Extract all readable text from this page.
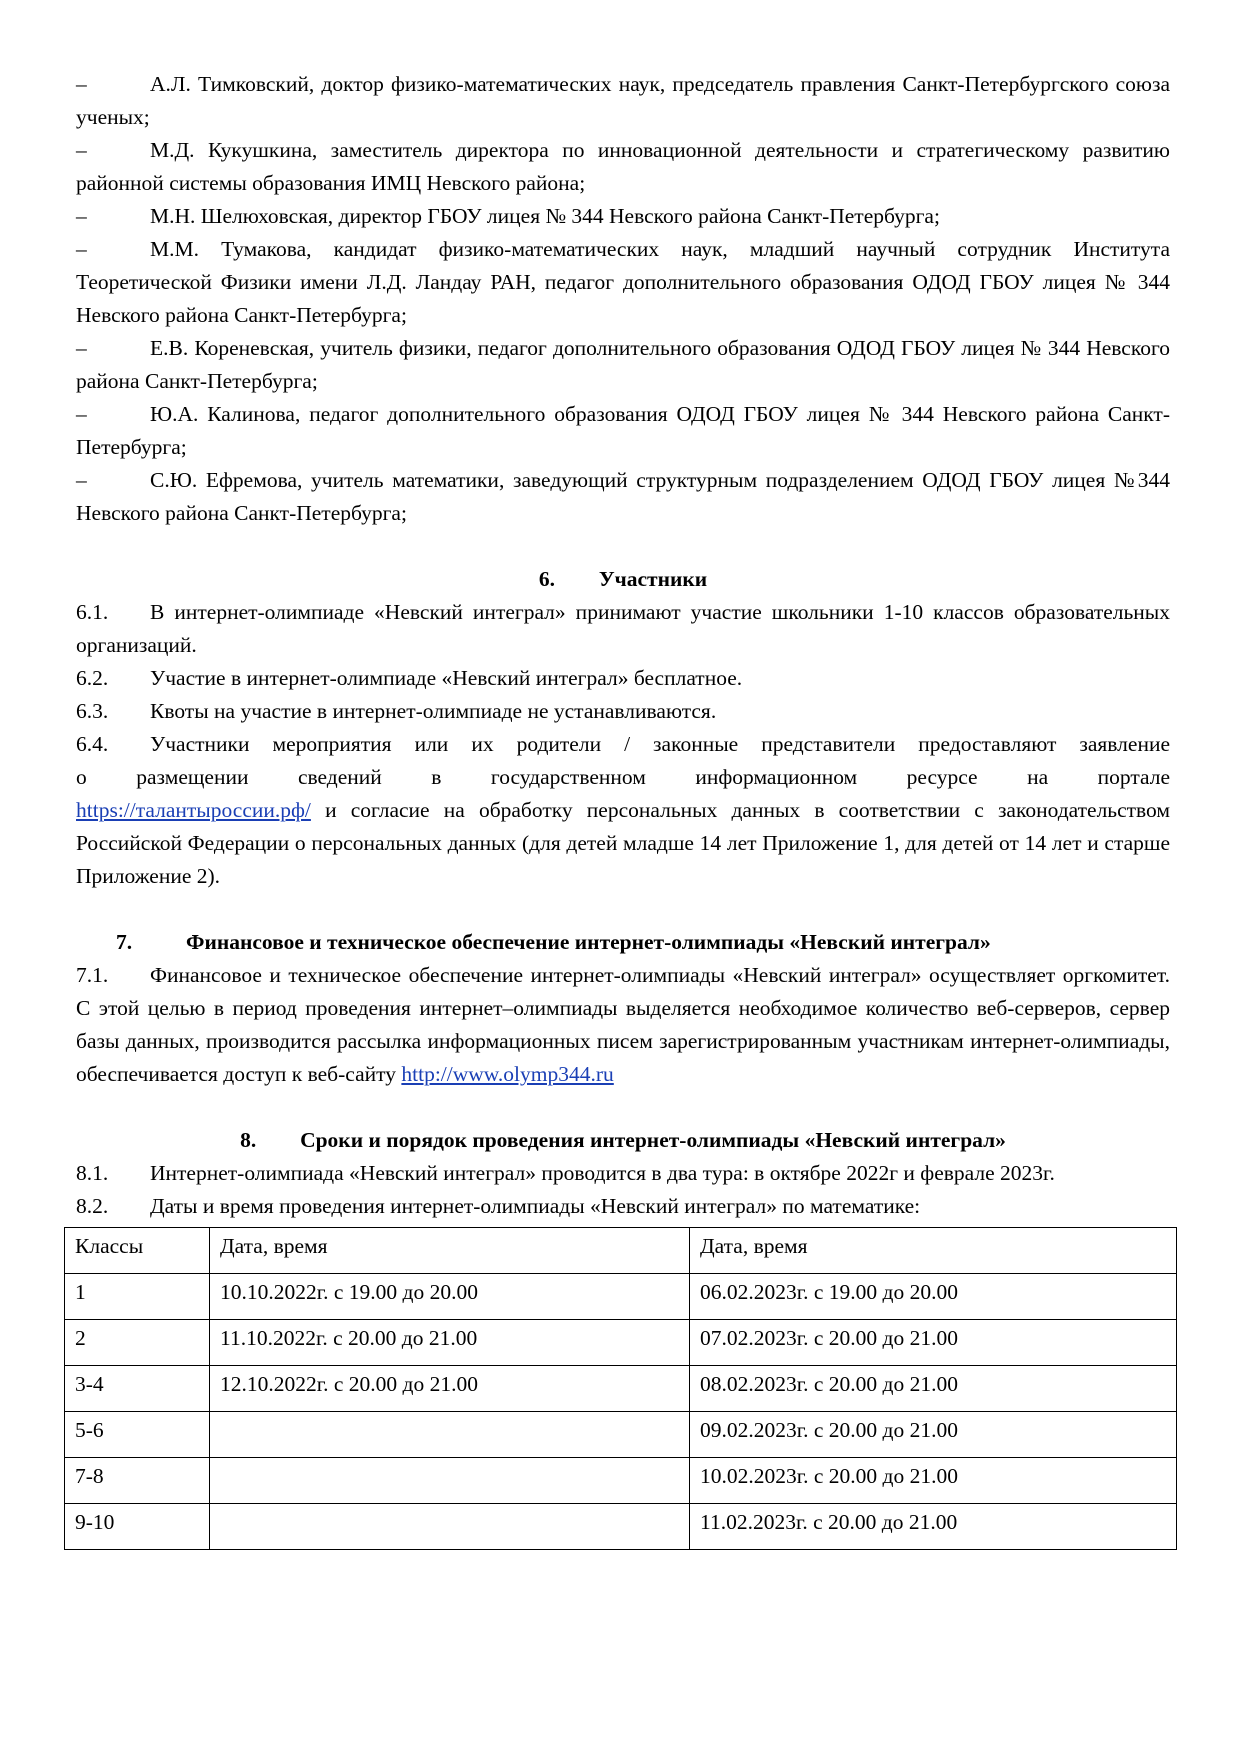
–	А.Л. Тимковский, доктор физико-математических наук, председатель правления Санкт-Петербургского союза ученых;
–	М.Д. Кукушкина, заместитель директора по инновационной деятельности и стратегическому развитию районной системы образования ИМЦ Невского района;
–	М.Н. Шелюховская, директор ГБОУ лицея № 344 Невского района Санкт-Петербурга;
–	М.М. Тумакова, кандидат физико-математических наук, младший научный сотрудник Института Теоретической Физики имени Л.Д. Ландау РАН, педагог дополнительного образования ОДОД ГБОУ лицея № 344 Невского района Санкт-Петербурга;
–	Е.В. Кореневская, учитель физики, педагог дополнительного образования ОДОД ГБОУ лицея № 344 Невского района Санкт-Петербурга;
–	Ю.А. Калинова, педагог дополнительного образования ОДОД ГБОУ лицея № 344 Невского района Санкт-Петербурга;
–	С.Ю. Ефремова, учитель математики, заведующий структурным подразделением ОДОД ГБОУ лицея №344 Невского района Санкт-Петербурга;
6. Участники
6.1. В интернет-олимпиаде «Невский интеграл» принимают участие школьники 1-10 классов образовательных организаций.
6.2. Участие в интернет-олимпиаде «Невский интеграл» бесплатное.
6.3. Квоты на участие в интернет-олимпиаде не устанавливаются.
6.4. Участники мероприятия или их родители / законные представители предоставляют заявление
о размещении сведений в государственном информационном ресурсе на портале
https://талантыроссии.рф/ и согласие на обработку персональных данных в соответствии с законодательством Российской Федерации о персональных данных (для детей младше 14 лет Приложение 1, для детей от 14 лет и старше Приложение 2).
7.	Финансовое и техническое обеспечение интернет-олимпиады «Невский интеграл»
7.1. Финансовое и техническое обеспечение интернет-олимпиады «Невский интеграл» осуществляет оргкомитет. С этой целью в период проведения интернет–олимпиады выделяется необходимое количество веб-серверов, сервер базы данных, производится рассылка информационных писем зарегистрированным участникам интернет-олимпиады, обеспечивается доступ к веб-сайту http://www.olymp344.ru
8. Сроки и порядок проведения интернет-олимпиады «Невский интеграл»
8.1. Интернет-олимпиада «Невский интеграл» проводится в два тура: в октябре 2022г и феврале 2023г.
8.2. Даты и время проведения интернет-олимпиады «Невский интеграл» по математике:
Классы	Дата, время	Дата, время
1	10.10.2022г. с 19.00 до 20.00	06.02.2023г. с 19.00 до 20.00
2	11.10.2022г. с 20.00 до 21.00	07.02.2023г. с 20.00 до 21.00
3-4	12.10.2022г. с 20.00 до 21.00	08.02.2023г. с 20.00 до 21.00
5-6		09.02.2023г. с 20.00 до 21.00
7-8		10.02.2023г. с 20.00 до 21.00
9-10		11.02.2023г. с 20.00 до 21.00
